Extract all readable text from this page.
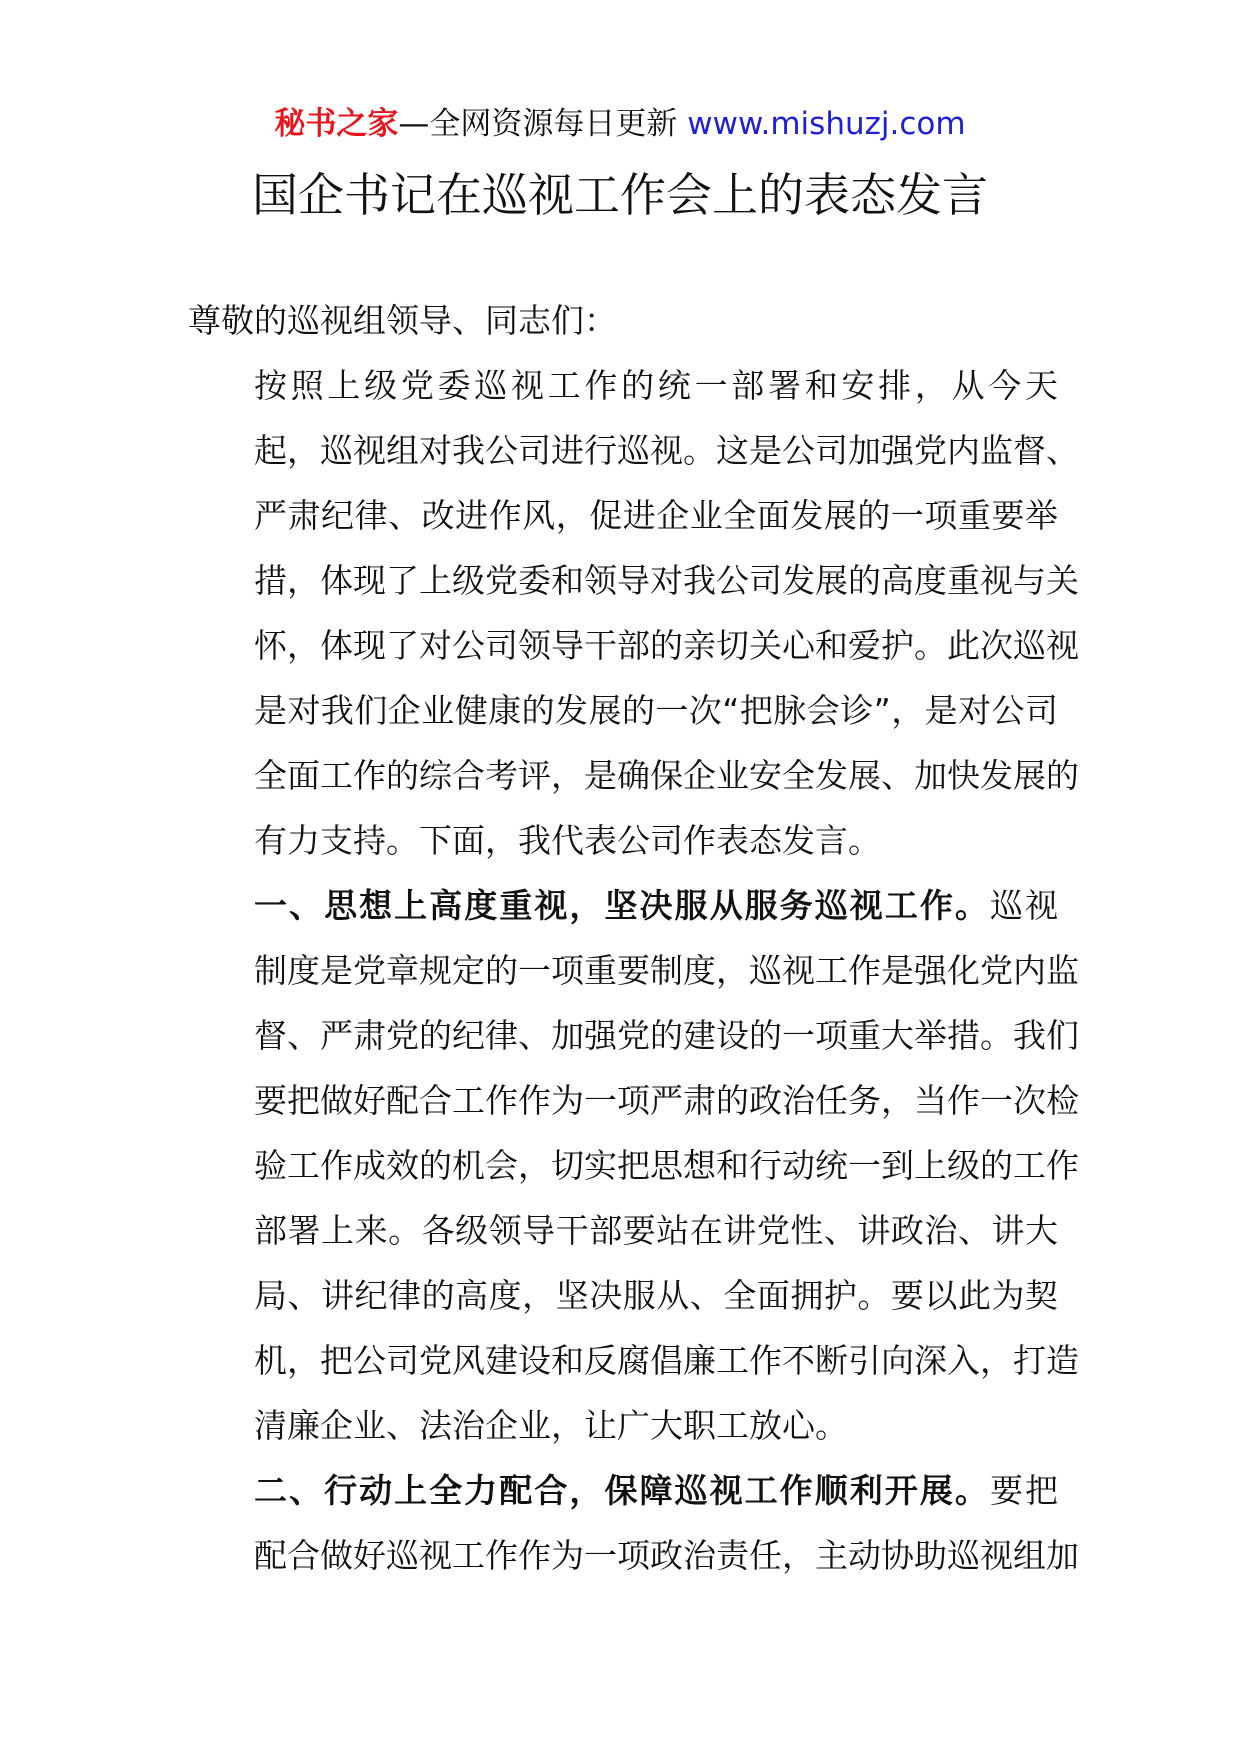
秘书之家—全网资源每日更新 www.mishuzj.com
国企书记在巡视工作会上的表态发言

尊敬的巡视组领导、同志们：

按照上级党委巡视工作的统一部署和安排，从今天
起，巡视组对我公司进行巡视。这是公司加强党内监督、
严肃纪律、改进作风，促进企业全面发展的一项重要举
措，体现了上级党委和领导对我公司发展的高度重视与关
怀，体现了对公司领导干部的亲切关心和爱护。此次巡视
是对我们企业健康的发展的一次“把脉会诊”，是对公司
全面工作的综合考评，是确保企业安全发展、加快发展的
有力支持。下面，我代表公司作表态发言。

一、思想上高度重视，坚决服从服务巡视工作。巡视
制度是党章规定的一项重要制度，巡视工作是强化党内监
督、严肃党的纪律、加强党的建设的一项重大举措。我们
要把做好配合工作作为一项严肃的政治任务，当作一次检
验工作成效的机会，切实把思想和行动统一到上级的工作
部署上来。各级领导干部要站在讲党性、讲政治、讲大
局、讲纪律的高度，坚决服从、全面拥护。要以此为契
机，把公司党风建设和反腐倡廉工作不断引向深入，打造
清廉企业、法治企业，让广大职工放心。

二、行动上全力配合，保障巡视工作顺利开展。要把
配合做好巡视工作作为一项政治责任，主动协助巡视组加
